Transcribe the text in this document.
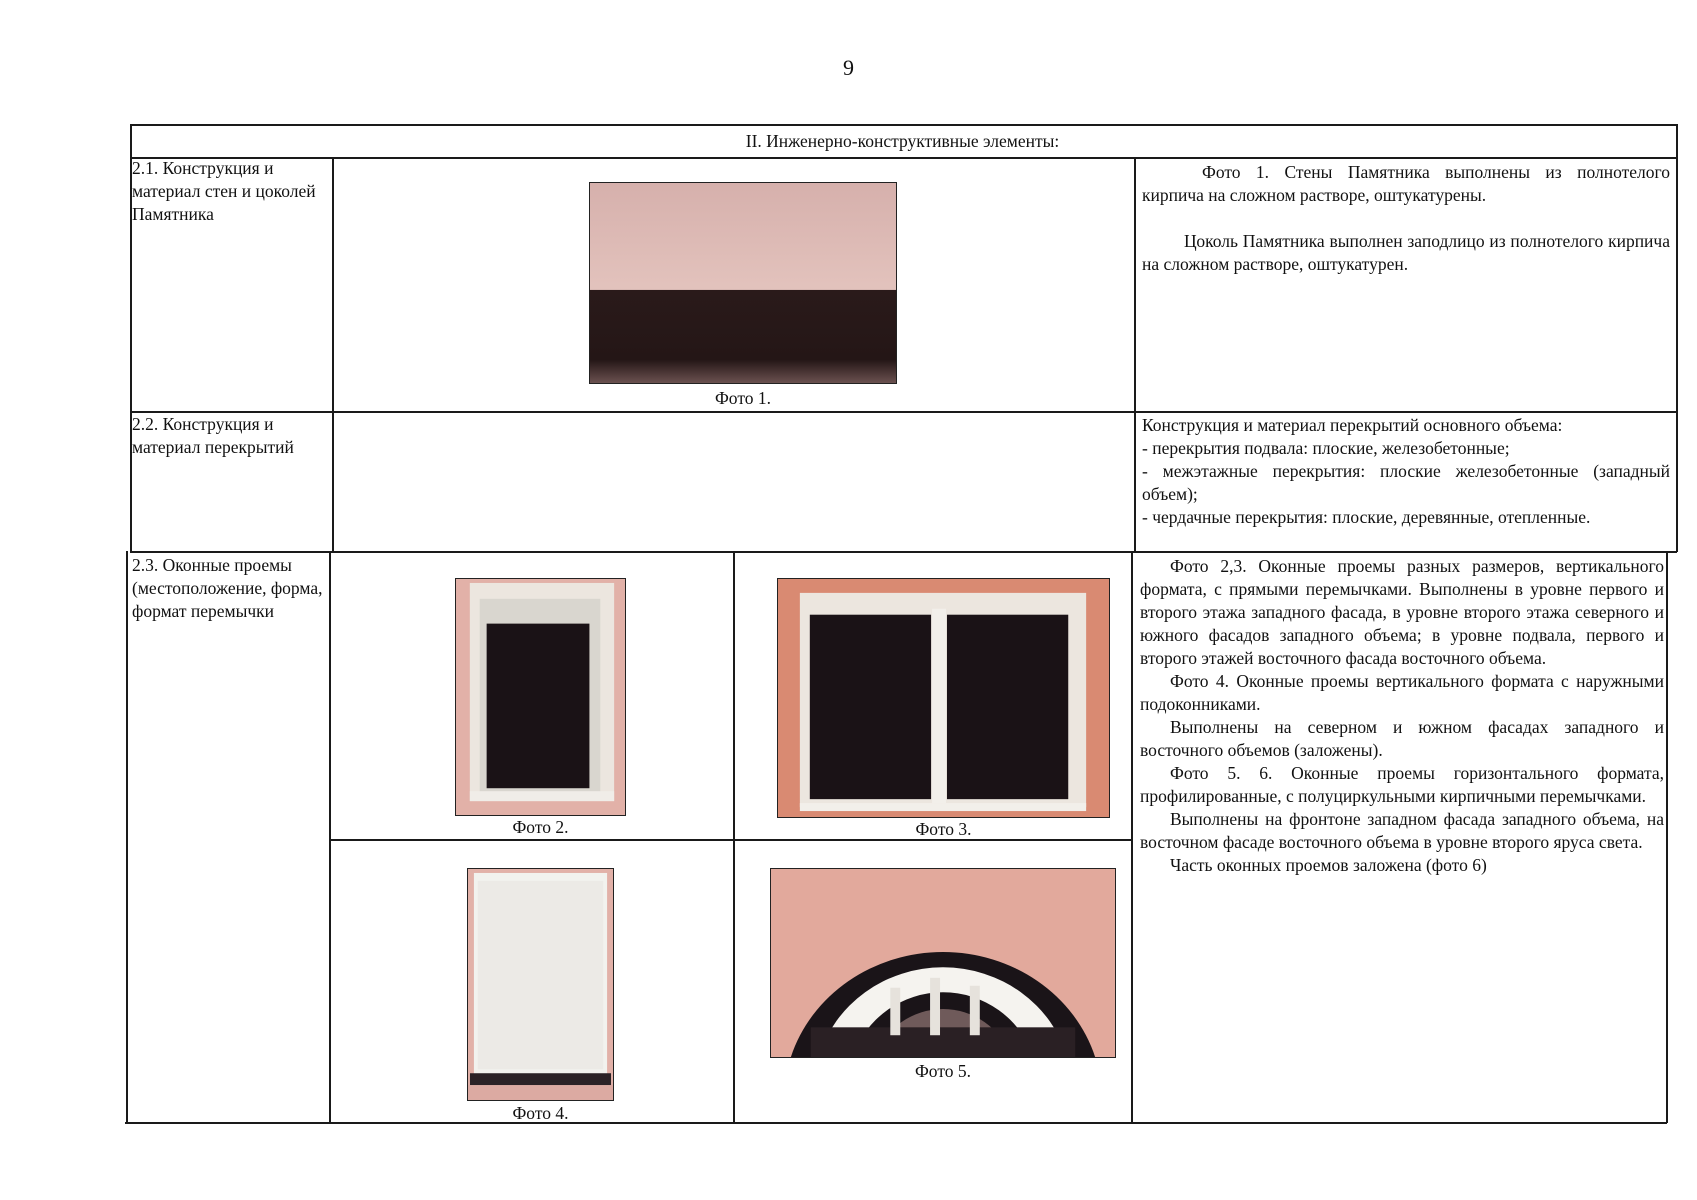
9
II. Инженерно-конструктивные элементы:
2.1. Конструкция и материал стен и цоколей Памятника
Фото 1.

Фото 1. Стены Памятника выполнены из полнотелого кирпича на сложном растворе, оштукатурены.

Цоколь Памятника выполнен заподлицо из полнотелого кирпича на сложном растворе, оштукатурен.

2.2. Конструкция и материал перекрытий

Конструкция и материал перекрытий основного объема:

- перекрытия подвала: плоские, железобетонные;

- межэтажные перекрытия: плоские железобетонные (западный объем);

- чердачные перекрытия: плоские, деревянные, отепленные.

2.3. Оконные проемы (местоположение, форма, формат перемычки
Фото 2.	Фото 3.
Фото 4.
Фото 5.

Фото 2,3. Оконные проемы разных размеров, вертикального формата, с прямыми перемычками. Выполнены в уровне первого и второго этажа западного фасада, в уровне второго этажа северного и южного фасадов западного объема; в уровне подвала, первого и второго этажей восточного фасада восточного объема.

Фото 4. Оконные проемы вертикального формата с наружными подоконниками.

Выполнены на северном и южном фасадах западного и восточного объемов (заложены).

Фото 5. 6. Оконные проемы горизонтального формата, профилированные, с полуциркульными кирпичными перемычками.

Выполнены на фронтоне западном фасада западного объема, на восточном фасаде восточного объема в уровне второго яруса света.

Часть оконных проемов заложена (фото 6)
